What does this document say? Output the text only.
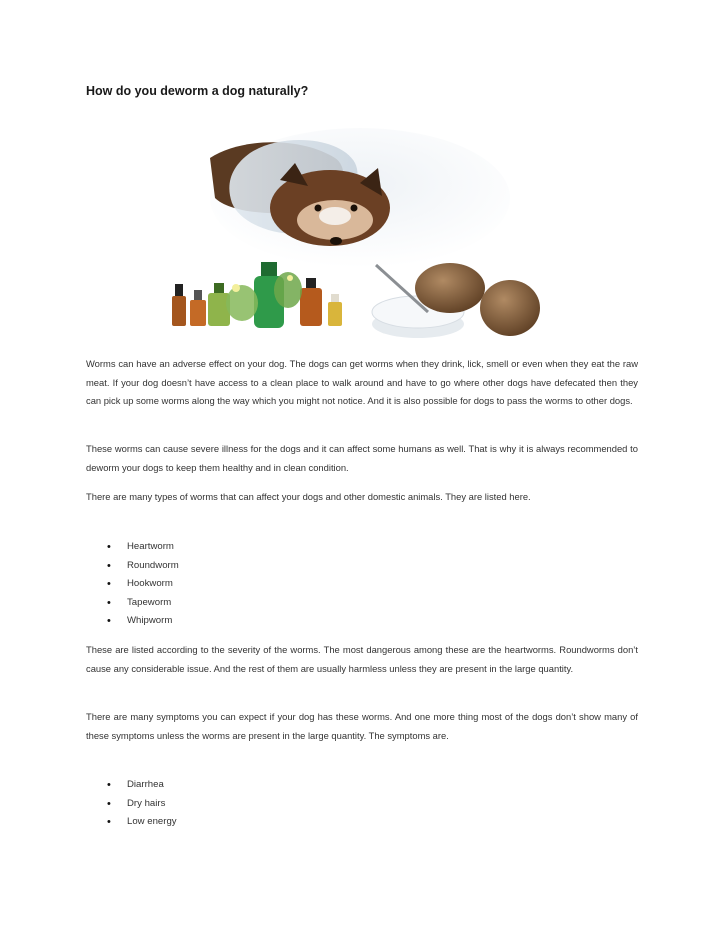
How do you deworm a dog naturally?

Worms can have an adverse effect on your dog. The dogs can get worms when they drink, lick, smell or even when they eat the raw meat. If your dog doesn’t have access to a clean place to walk around and have to go where other dogs have defecated then they can pick up some worms along the way which you might not notice. And it is also possible for dogs to pass the worms to other dogs.

These worms can cause severe illness for the dogs and it can affect some humans as well. That is why it is always recommended to deworm your dogs to keep them healthy and in clean condition.

There are many types of worms that can affect your dogs and other domestic animals. They are listed here.

• Heartworm
• Roundworm
• Hookworm
• Tapeworm
• Whipworm

These are listed according to the severity of the worms. The most dangerous among these are the heartworms. Roundworms don’t cause any considerable issue. And the rest of them are usually harmless unless they are present in the large quantity.

There are many symptoms you can expect if your dog has these worms. And one more thing most of the dogs don’t show many of these symptoms unless the worms are present in the large quantity. The symptoms are.

• Diarrhea
• Dry hairs
• Low energy
